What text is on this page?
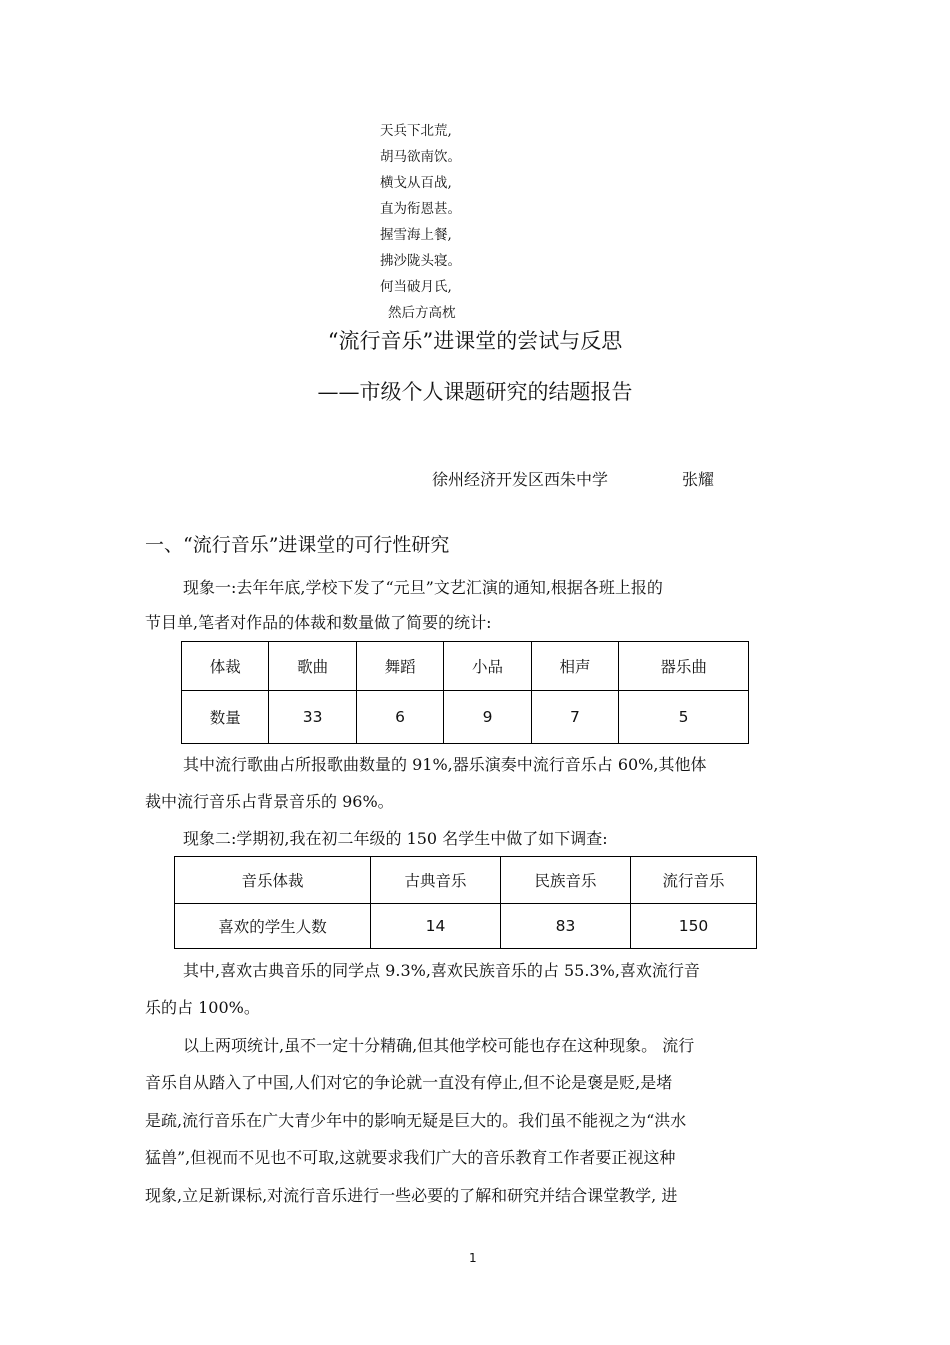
天兵下北荒,
胡马欲南饮。
横戈从百战,
直为衔恩甚。
握雪海上餐,
拂沙陇头寝。
何当破月氏,
然后方高枕
“流行音乐”进课堂的尝试与反思
——市级个人课题研究的结题报告
徐州经济开发区西朱中学	张耀
一、“流行音乐”进课堂的可行性研究
现象一:去年年底,学校下发了“元旦”文艺汇演的通知,根据各班上报的
节目单,笔者对作品的体裁和数量做了简要的统计:
体裁	歌曲	舞蹈	小品	相声	器乐曲
数量	33	6	9	7	5
其中流行歌曲占所报歌曲数量的 91%,器乐演奏中流行音乐占 60%,其他体
裁中流行音乐占背景音乐的 96%。
现象二:学期初,我在初二年级的 150 名学生中做了如下调查:
音乐体裁	古典音乐	民族音乐	流行音乐
喜欢的学生人数	14	83	150
其中,喜欢古典音乐的同学点 9.3%,喜欢民族音乐的占 55.3%,喜欢流行音
乐的占 100%。
以上两项统计,虽不一定十分精确,但其他学校可能也存在这种现象。 流行
音乐自从踏入了中国,人们对它的争论就一直没有停止,但不论是褒是贬,是堵
是疏,流行音乐在广大青少年中的影响无疑是巨大的。我们虽不能视之为“洪水
猛兽”,但视而不见也不可取,这就要求我们广大的音乐教育工作者要正视这种
现象,立足新课标,对流行音乐进行一些必要的了解和研究并结合课堂教学, 进
1
